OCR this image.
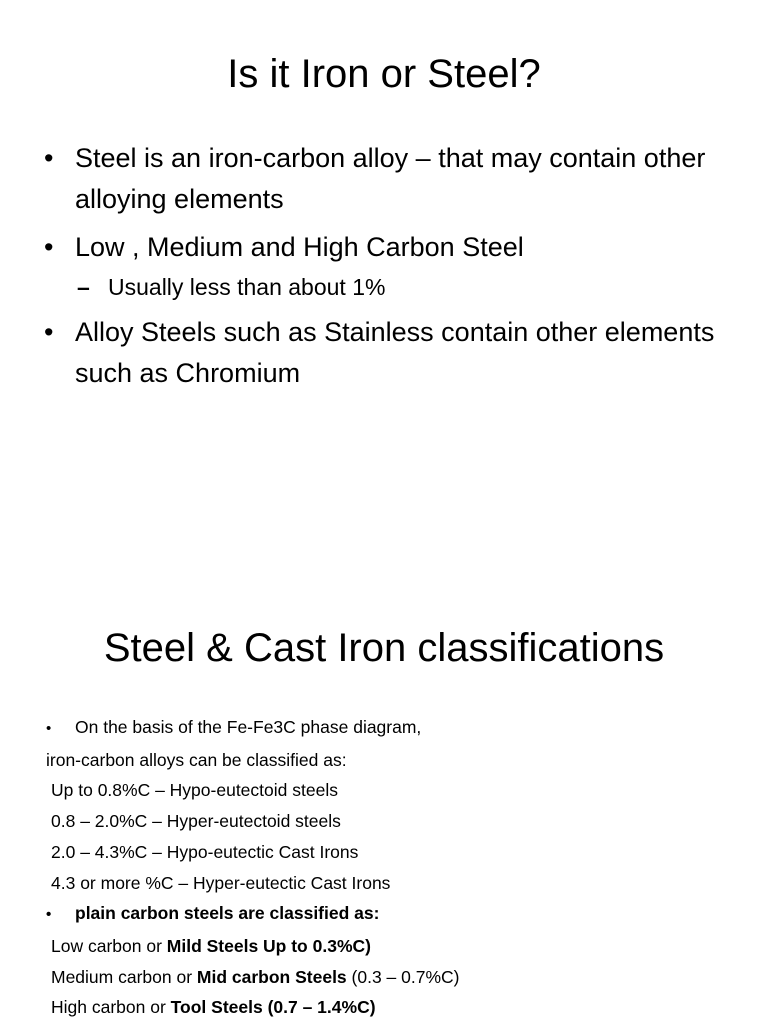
Is it Iron or Steel?
• Steel is an iron-carbon alloy – that may contain other alloying elements
• Low , Medium and High Carbon Steel
– Usually less than about 1%
• Alloy Steels such as Stainless contain other elements such as Chromium
Steel & Cast Iron classifications
• On the basis of the Fe-Fe3C phase diagram,
iron-carbon alloys can be classified as:
Up to 0.8%C – Hypo-eutectoid steels
0.8 – 2.0%C – Hyper-eutectoid steels
2.0 – 4.3%C – Hypo-eutectic Cast Irons
4.3 or more %C – Hyper-eutectic Cast Irons
• plain carbon steels are classified as:
Low carbon or Mild Steels Up to 0.3%C)
Medium carbon or Mid carbon Steels (0.3 – 0.7%C)
High carbon or Tool Steels (0.7 – 1.4%C)
